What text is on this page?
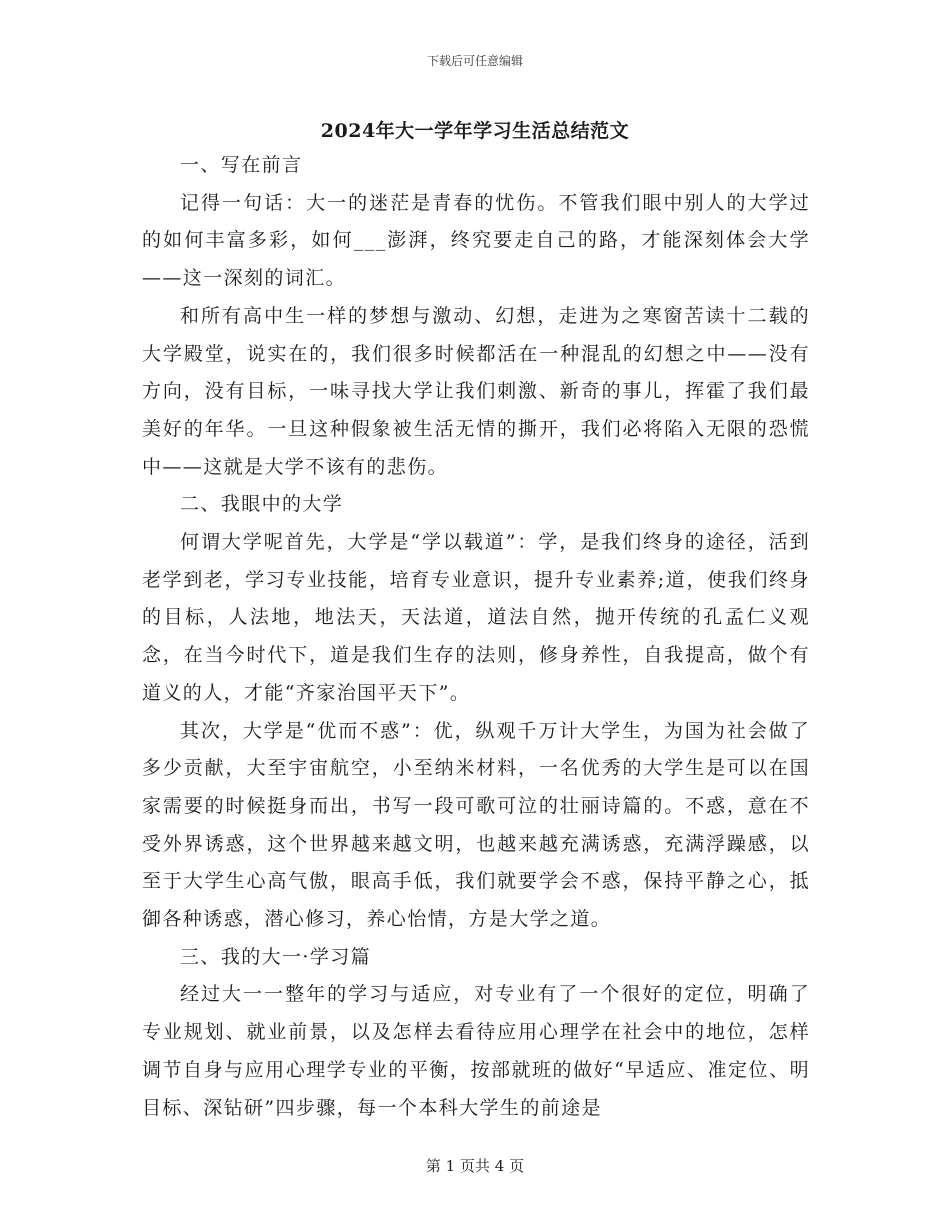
下载后可任意编辑
2024年大一学年学习生活总结范文

一、写在前言

记得一句话：大一的迷茫是青春的忧伤。不管我们眼中别人的大学过的如何丰富多彩，如何___澎湃，终究要走自己的路，才能深刻体会大学——这一深刻的词汇。

和所有高中生一样的梦想与激动、幻想，走进为之寒窗苦读十二载的大学殿堂，说实在的，我们很多时候都活在一种混乱的幻想之中——没有方向，没有目标，一味寻找大学让我们刺激、新奇的事儿，挥霍了我们最美好的年华。一旦这种假象被生活无情的撕开，我们必将陷入无限的恐慌中——这就是大学不该有的悲伤。

二、我眼中的大学

何谓大学呢首先，大学是“学以载道”：学，是我们终身的途径，活到老学到老，学习专业技能，培育专业意识，提升专业素养;道，使我们终身的目标，人法地，地法天，天法道，道法自然，抛开传统的孔孟仁义观念，在当今时代下，道是我们生存的法则，修身养性，自我提高，做个有道义的人，才能“齐家治国平天下”。

其次，大学是“优而不惑”：优，纵观千万计大学生，为国为社会做了多少贡献，大至宇宙航空，小至纳米材料，一名优秀的大学生是可以在国家需要的时候挺身而出，书写一段可歌可泣的壮丽诗篇的。不惑，意在不受外界诱惑，这个世界越来越文明，也越来越充满诱惑，充满浮躁感，以至于大学生心高气傲，眼高手低，我们就要学会不惑，保持平静之心，抵御各种诱惑，潜心修习，养心怡情，方是大学之道。

三、我的大一·学习篇

经过大一一整年的学习与适应，对专业有了一个很好的定位，明确了专业规划、就业前景，以及怎样去看待应用心理学在社会中的地位，怎样调节自身与应用心理学专业的平衡，按部就班的做好“早适应、准定位、明目标、深钻研”四步骤，每一个本科大学生的前途是

第 1 页共 4 页
